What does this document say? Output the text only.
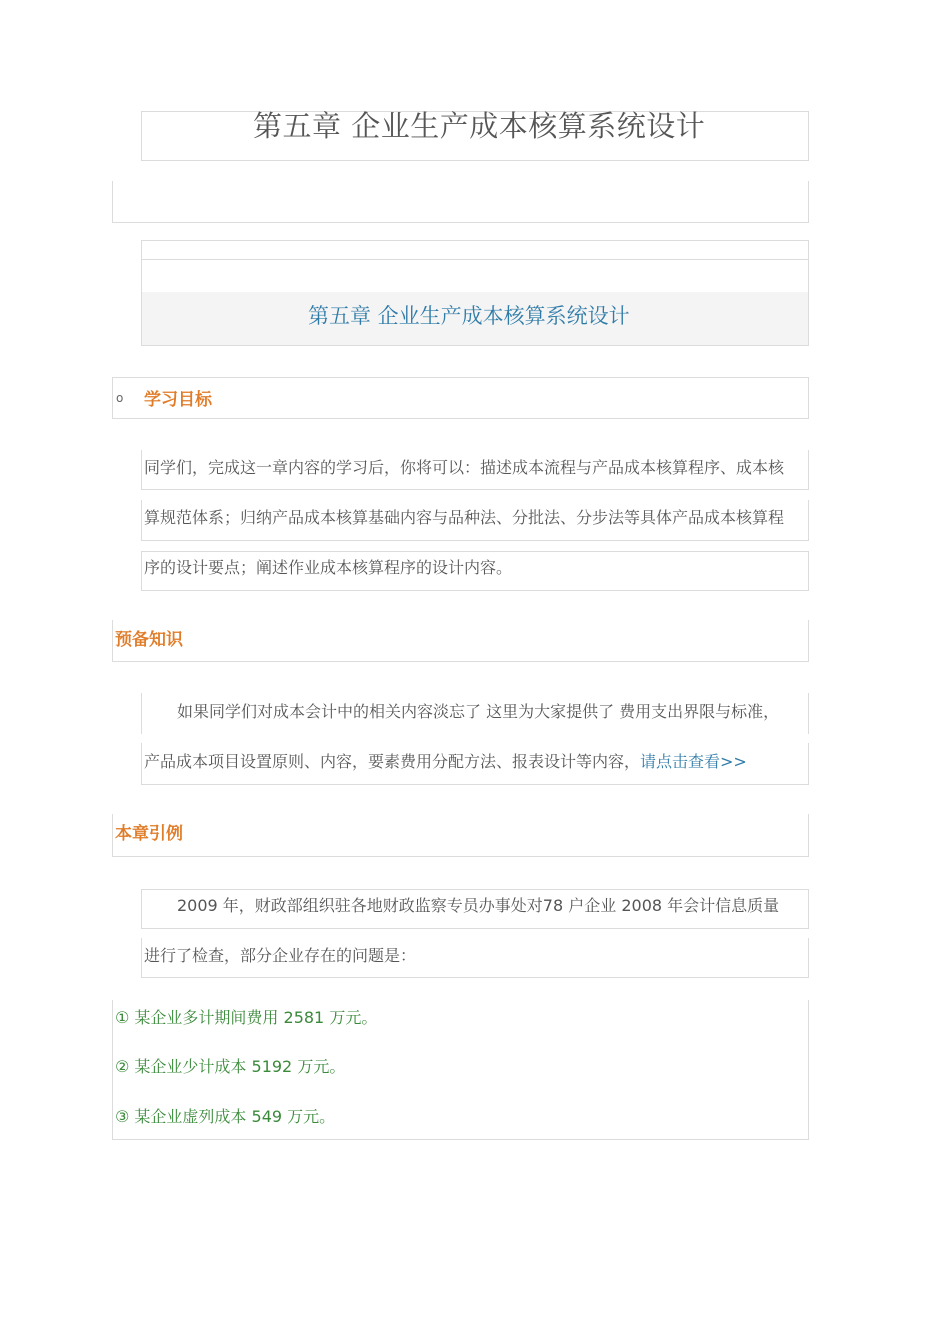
第五章 企业生产成本核算系统设计
第五章 企业生产成本核算系统设计
o 学习目标
同学们，完成这一章内容的学习后，你将可以：描述成本流程与产品成本核算程序、成本核
算规范体系；归纳产品成本核算基础内容与品种法、分批法、分步法等具体产品成本核算程
序的设计要点；阐述作业成本核算程序的设计内容。
预备知识
如果同学们对成本会计中的相关内容淡忘了 这里为大家提供了 费用支出界限与标准，
产品成本项目设置原则、内容，要素费用分配方法、报表设计等内容，请点击查看>>
本章引例
2009 年，财政部组织驻各地财政监察专员办事处对78 户企业 2008 年会计信息质量
进行了检查，部分企业存在的问题是：
① 某企业多计期间费用 2581 万元。
② 某企业少计成本 5192 万元。
③ 某企业虚列成本 549 万元。
